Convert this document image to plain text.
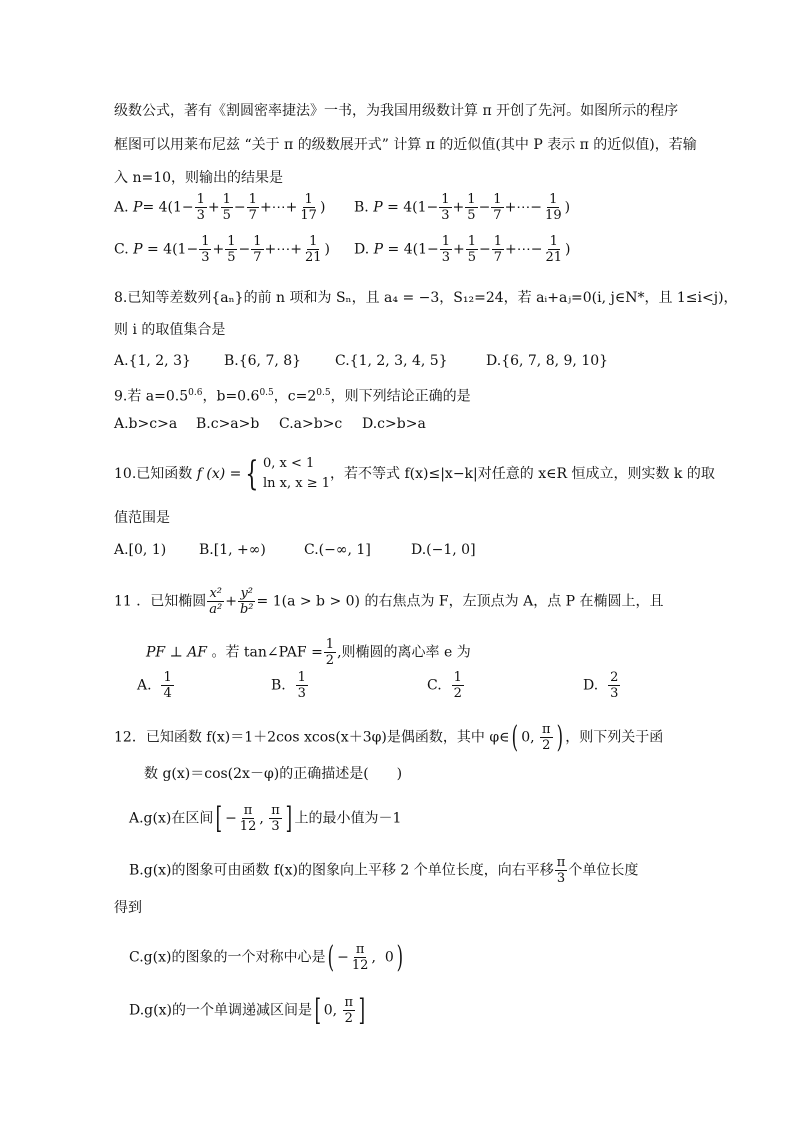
级数公式，著有《割圆密率捷法》一书，为我国用级数计算 π 开创了先河。如图所示的程序
框图可以用莱布尼兹 “关于 π 的级数展开式” 计算 π 的近似值(其中 P 表示 π 的近似值)，若输
入 n=10，则输出的结果是
A. $P= 4(1- \frac{1}{3} + \frac{1}{5} - \frac{1}{7}$ +⋯+ $\frac{1}{17}$ ) B. $P = 4(1- \frac{1}{3} + \frac{1}{5} - \frac{1}{7}$ +⋯− $\frac{1}{19}$ )
C. $P = 4(1- \frac{1}{3} + \frac{1}{5} - \frac{1}{7}$ +⋯+ $\frac{1}{21}$ ) D. $P = 4(1- \frac{1}{3} + \frac{1}{5} - \frac{1}{7}$ +⋯− $\frac{1}{21}$ )
8.已知等差数列{aₙ}的前 n 项和为 Sₙ，且 a₄ = −3，S₁₂=24，若 aᵢ+aⱼ=0(i, j∈N*，且 1≤i<j)，
则 i 的取值集合是
A.{1, 2, 3} B.{6, 7, 8} C.{1, 2, 3, 4, 5}	D.{6, 7, 8, 9, 10}
9.若 $a=0.5^{0.6}$，$b=0.6^{0.5}$，$c=2^{0.5}$，则下列结论正确的是
A.b>c>a B.c>a>b C.a>b>c D.c>b>a
10.已知函数 f (x) = { 0, x < 1
ln x, x ≥ 1
，若不等式 f(x)≤|x−k|对任意的 x∈R 恒成立，则实数 k 的取
值范围是
A.[0, 1) B.[1, +∞)	C.(−∞, 1]	D.(−1, 0]
11 ．已知椭圆 $\frac{\text{x²}}{\text{a²}} + \frac{\text{y²}}{\text{b²}} = 1(a > b > 0)$ 的右焦点为 F，左顶点为 A，点 P 在椭圆上，且
PF ⊥ AF 。若 tan∠PAF = $\frac{1}{2}$ ,则椭圆的离心率 e 为
A. $\frac{1}{4}$	B. $\frac{1}{3}$	C. $\frac{1}{2}$	D. $\frac{2}{3}$
12．已知函数 f(x)＝1＋2cos xcos(x＋3φ)是偶函数，其中 φ∈( 0, $\frac{\pi}{2}$ ) ，则下列关于函
数 g(x)＝cos(2x－φ)的正确描述是(　　)
A.g(x)在区间[ − $\frac{\pi}{12}$ , $\frac{\pi}{3}$ ] 上的最小值为－1
B.g(x)的图象可由函数 f(x)的图象向上平移 2 个单位长度，向右平移 $\frac{\pi}{3}$ 个单位长度
得到
C.g(x)的图象的一个对称中心是( − $\frac{\pi}{12}$ ,  0)
D.g(x)的一个单调递减区间是[ 0, $\frac{\pi}{2}$ ]
